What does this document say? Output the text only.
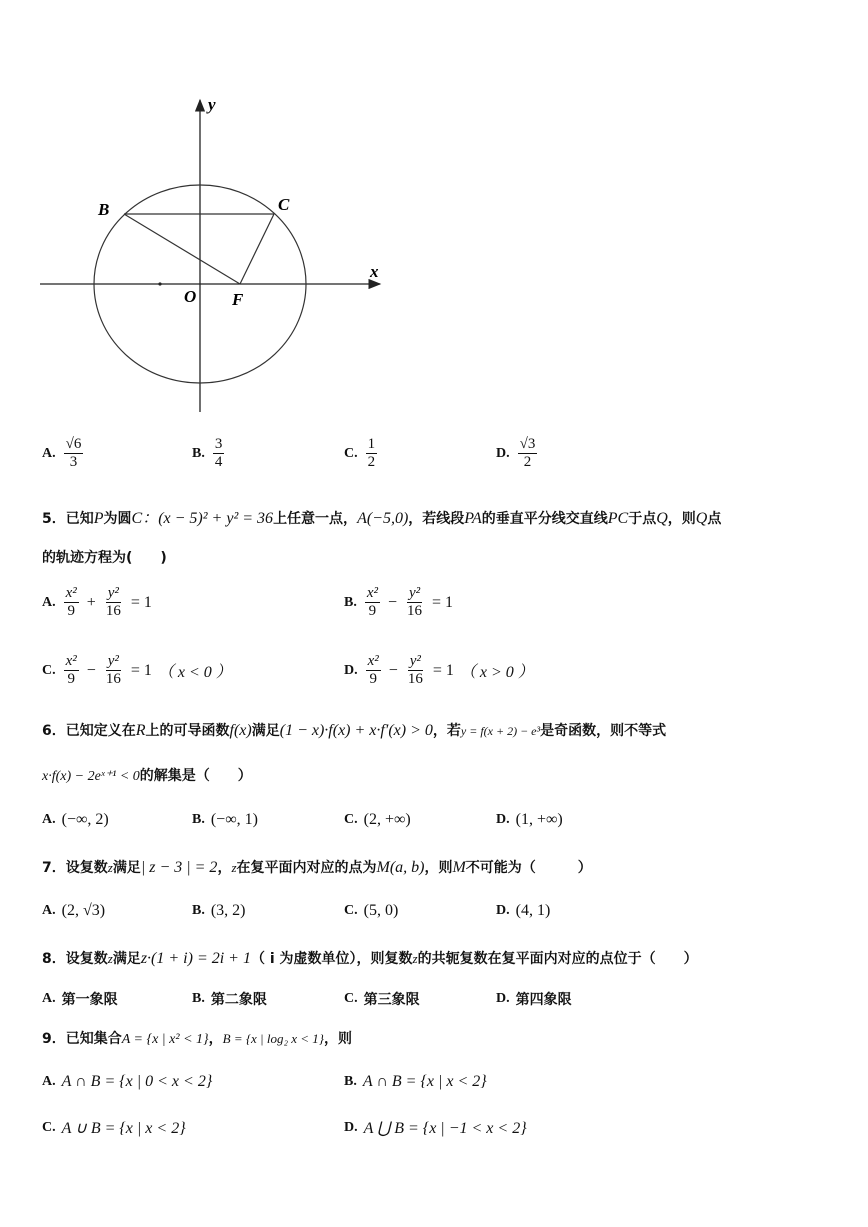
y
x
B	C
O F
A. $\frac{√6}{3}$	B. $\frac{3}{4}$	C. $\frac{1}{2}$	D. $\frac{√3}{2}$
5．已知P为圆C：(x − 5)² + y² = 36上任意一点，A(−5,0)，若线段PA的垂直平分线交直线PC于点Q，则Q点
的轨迹方程为(　　)
A. $\frac{\text{x²}}{9} + \frac{\text{y²}}{16} = 1$	B. $\frac{\text{x²}}{9} - \frac{\text{y²}}{16} = 1$
C. $\frac{\text{x²}}{9} - \frac{\text{y²}}{16} = 1$ （ x < 0 ）	D. $\frac{\text{x²}}{9} - \frac{\text{y²}}{16} = 1$ （ x > 0 ）
6．已知定义在R上的可导函数f(x)满足(1 − x)·f(x) + x·f′(x) > 0，若y = f(x + 2) − e³是奇函数，则不等式
x·f(x) − 2eˣ⁺¹ < 0的解集是（　　）
A. (−∞, 2)	B. (−∞, 1)	C. (2, +∞)	D. (1, +∞)
7．设复数z满足| z − 3 | = 2，z在复平面内对应的点为M(a, b)，则M不可能为（　　　）
A. (2, √3)	B. (3, 2)	C. (5, 0)	D. (4, 1)
8．设复数z满足z·(1 + i) = 2i + 1（ i 为虚数单位），则复数z的共轭复数在复平面内对应的点位于（　　）
A. 第一象限	B. 第二象限	C. 第三象限	D. 第四象限
9．已知集合A = {x | x² < 1}，B = {x | log₂ x < 1}，则
A. A ∩ B = {x | 0 < x < 2}	B. A ∩ B = {x | x < 2}
C. A ∪ B = {x | x < 2}	D. A ⋃ B = {x | −1 < x < 2}
